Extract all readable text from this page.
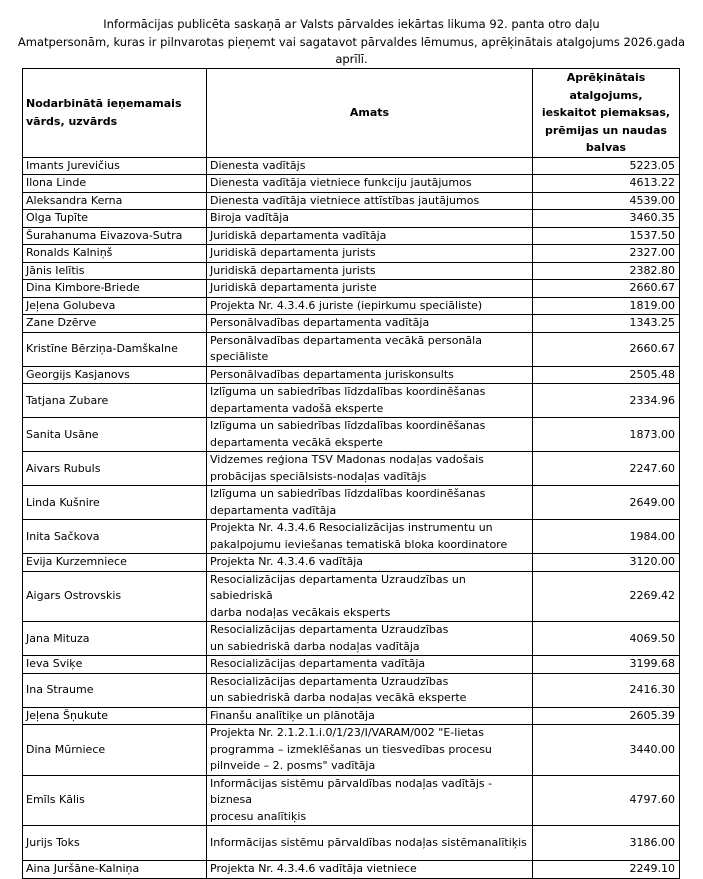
Informācijas publicēta saskaņā ar Valsts pārvaldes iekārtas likuma 92. panta otro daļu
Amatpersonām, kuras ir pilnvarotas pieņemt vai sagatavot pārvaldes lēmumus, aprēķinātais atalgojums 2026.gada
aprīlī.
Nodarbinātā ieņemamais vārds, uzvārds	Amats	Aprēķinātais atalgojums,
ieskaitot piemaksas,
prēmijas un naudas
balvas

Imants Jurevičius	Dienesta vadītājs	5223.05
Ilona Linde	Dienesta vadītāja vietniece funkciju jautājumos	4613.22
Aleksandra Kerna	Dienesta vadītāja vietniece attīstības jautājumos	4539.00
Olga Tupīte	Biroja vadītāja	3460.35
Šurahanuma Eivazova-Sutra	Juridiskā departamenta vadītāja	1537.50
Ronalds Kalniņš	Juridiskā departamenta jurists	2327.00
Jānis Ielītis	Juridiskā departamenta jurists	2382.80
Dina Kimbore-Briede	Juridiskā departamenta juriste	2660.67
Jeļena Golubeva	Projekta Nr. 4.3.4.6 juriste (iepirkumu speciāliste)	1819.00
Zane Dzērve	Personālvadības departamenta vadītāja	1343.25
Kristīne Bērziņa-Damškalne	Personālvadības departamenta vecākā personāla
speciāliste	2660.67
Georgijs Kasjanovs	Personālvadības departamenta juriskonsults	2505.48
Tatjana Zubare	Izlīguma un sabiedrības līdzdalības koordinēšanas
departamenta vadošā eksperte	2334.96
Sanita Usāne	Izlīguma un sabiedrības līdzdalības koordinēšanas
departamenta vecākā eksperte	1873.00
Aivars Rubuls	Vidzemes reģiona TSV Madonas nodaļas vadošais
probācijas speciālsists-nodaļas vadītājs	2247.60
Linda Kušnire	Izlīguma un sabiedrības līdzdalības koordinēšanas
departamenta vadītāja	2649.00
Inita Sačkova	Projekta Nr. 4.3.4.6 Resocializācijas instrumentu un
pakalpojumu ieviešanas tematiskā bloka koordinatore	1984.00
Evija Kurzemniece	Projekta Nr. 4.3.4.6 vadītāja	3120.00
Aigars Ostrovskis	Resocializācijas departamenta Uzraudzības un sabiedriskā
darba nodaļas vecākais eksperts	2269.42
Jana Mituza	Resocializācijas departamenta Uzraudzības
un sabiedriskā darba nodaļas vadītāja	4069.50
Ieva Sviķe	Resocializācijas departamenta vadītāja	3199.68
Ina Straume	Resocializācijas departamenta Uzraudzības
un sabiedriskā darba nodaļas vecākā eksperte	2416.30
Jeļena Šņukute	Finanšu analītiķe un plānotāja	2605.39
Dina Mūrniece	Projekta Nr. 2.1.2.1.i.0/1/23/I/VARAM/002 "E-lietas
programma – izmeklēšanas un tiesvedības procesu
pilnveide – 2. posms" vadītāja	3440.00
Emīls Kālis	Informācijas sistēmu pārvaldības nodaļas vadītājs - biznesa
procesu analītiķis	4797.60
Jurijs Toks	Informācijas sistēmu pārvaldības nodaļas sistēmanalītiķis	3186.00
Aina Juršāne-Kalniņa	Projekta Nr. 4.3.4.6 vadītāja vietniece	2249.10
